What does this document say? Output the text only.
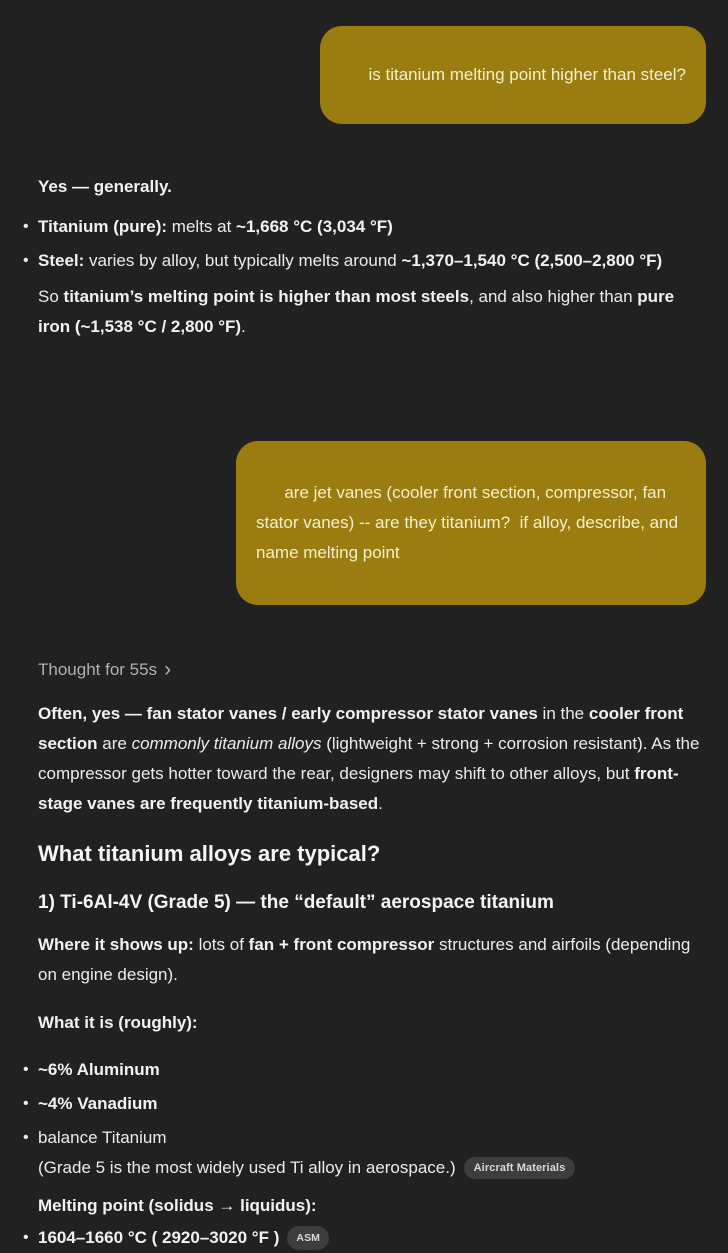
is titanium melting point higher than steel?

Yes — generally.

• Titanium (pure): melts at ~1,668 °C (3,034 °F)
• Steel: varies by alloy, but typically melts around ~1,370–1,540 °C (2,500–2,800 °F)

So titanium’s melting point is higher than most steels, and also higher than pure iron (~1,538 °C / 2,800 °F).

are jet vanes (cooler front section, compressor, fan stator vanes) -- are they titanium?  if alloy, describe, and name melting point

Thought for 55s ›

Often, yes — fan stator vanes / early compressor stator vanes in the cooler front section are commonly titanium alloys (lightweight + strong + corrosion resistant). As the compressor gets hotter toward the rear, designers may shift to other alloys, but front-stage vanes are frequently titanium-based.

What titanium alloys are typical?
1) Ti-6Al-4V (Grade 5) — the “default” aerospace titanium

Where it shows up: lots of fan + front compressor structures and airfoils (depending on engine design).

What it is (roughly):

• ~6% Aluminum
• ~4% Vanadium
• balance Titanium
(Grade 5 is the most widely used Ti alloy in aerospace.) Aircraft Materials

Melting point (solidus → liquidus):

• 1604–1660 °C ( 2920–3020 °F ) ASM
